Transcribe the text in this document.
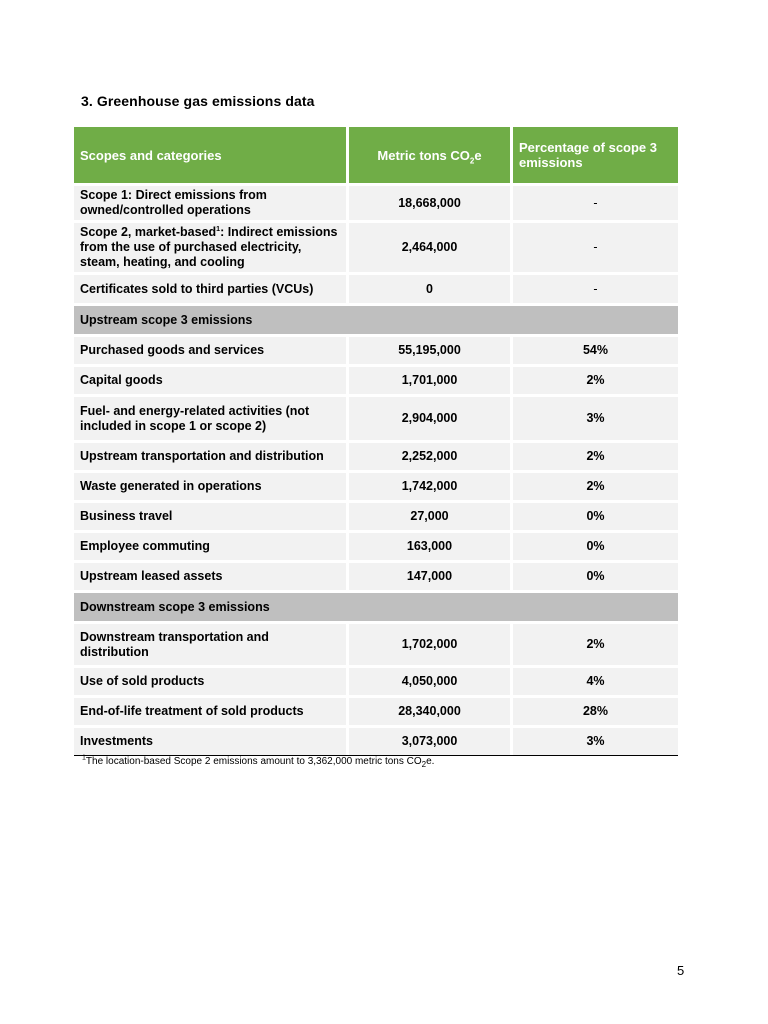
3. Greenhouse gas emissions data
Scopes and categories	Metric tons $CO_2e$	Percentage of scope 3 emissions
Scope 1: Direct emissions from owned/controlled operations	18,668,000	-
Scope 2, market-based$^1$: Indirect emissions from the use of purchased electricity, steam, heating, and cooling	2,464,000	-
Certificates sold to third parties (VCUs)	0	-
Upstream scope 3 emissions		
Purchased goods and services	55,195,000	54%
Capital goods	1,701,000	2%
Fuel- and energy-related activities (not included in scope 1 or scope 2)	2,904,000	3%
Upstream transportation and distribution	2,252,000	2%
Waste generated in operations	1,742,000	2%
Business travel	27,000	0%
Employee commuting	163,000	0%
Upstream leased assets	147,000	0%
Downstream scope 3 emissions		
Downstream transportation and distribution	1,702,000	2%
Use of sold products	4,050,000	4%
End-of-life treatment of sold products	28,340,000	28%
Investments	3,073,000	3%
$^1$The location-based Scope 2 emissions amount to 3,362,000 metric tons $CO_2e$.
5
